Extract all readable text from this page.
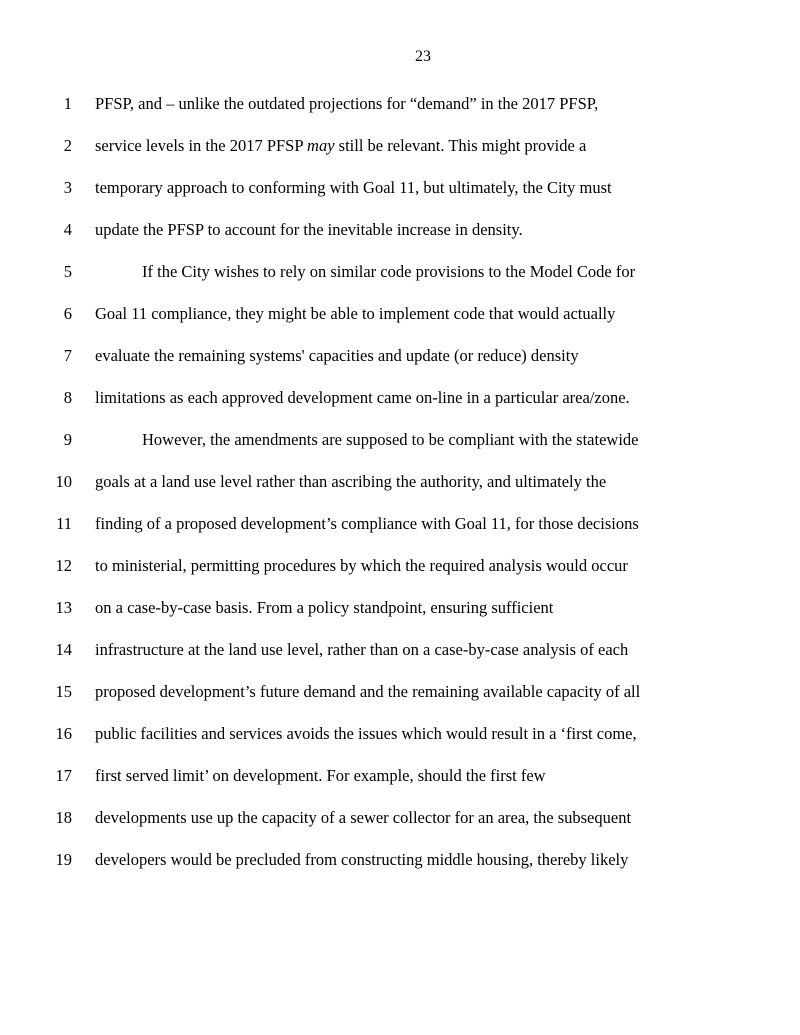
23
1 PFSP, and – unlike the outdated projections for “demand” in the 2017 PFSP,
2 service levels in the 2017 PFSP may still be relevant. This might provide a
3 temporary approach to conforming with Goal 11, but ultimately, the City must
4 update the PFSP to account for the inevitable increase in density.
5	If the City wishes to rely on similar code provisions to the Model Code for
6 Goal 11 compliance, they might be able to implement code that would actually
7 evaluate the remaining systems' capacities and update (or reduce) density
8 limitations as each approved development came on-line in a particular area/zone.
9	However, the amendments are supposed to be compliant with the statewide
10 goals at a land use level rather than ascribing the authority, and ultimately the
11 finding of a proposed development’s compliance with Goal 11, for those decisions
12 to ministerial, permitting procedures by which the required analysis would occur
13 on a case-by-case basis. From a policy standpoint, ensuring sufficient
14 infrastructure at the land use level, rather than on a case-by-case analysis of each
15 proposed development’s future demand and the remaining available capacity of all
16 public facilities and services avoids the issues which would result in a ‘first come,
17 first served limit’ on development. For example, should the first few
18 developments use up the capacity of a sewer collector for an area, the subsequent
19 developers would be precluded from constructing middle housing, thereby likely
